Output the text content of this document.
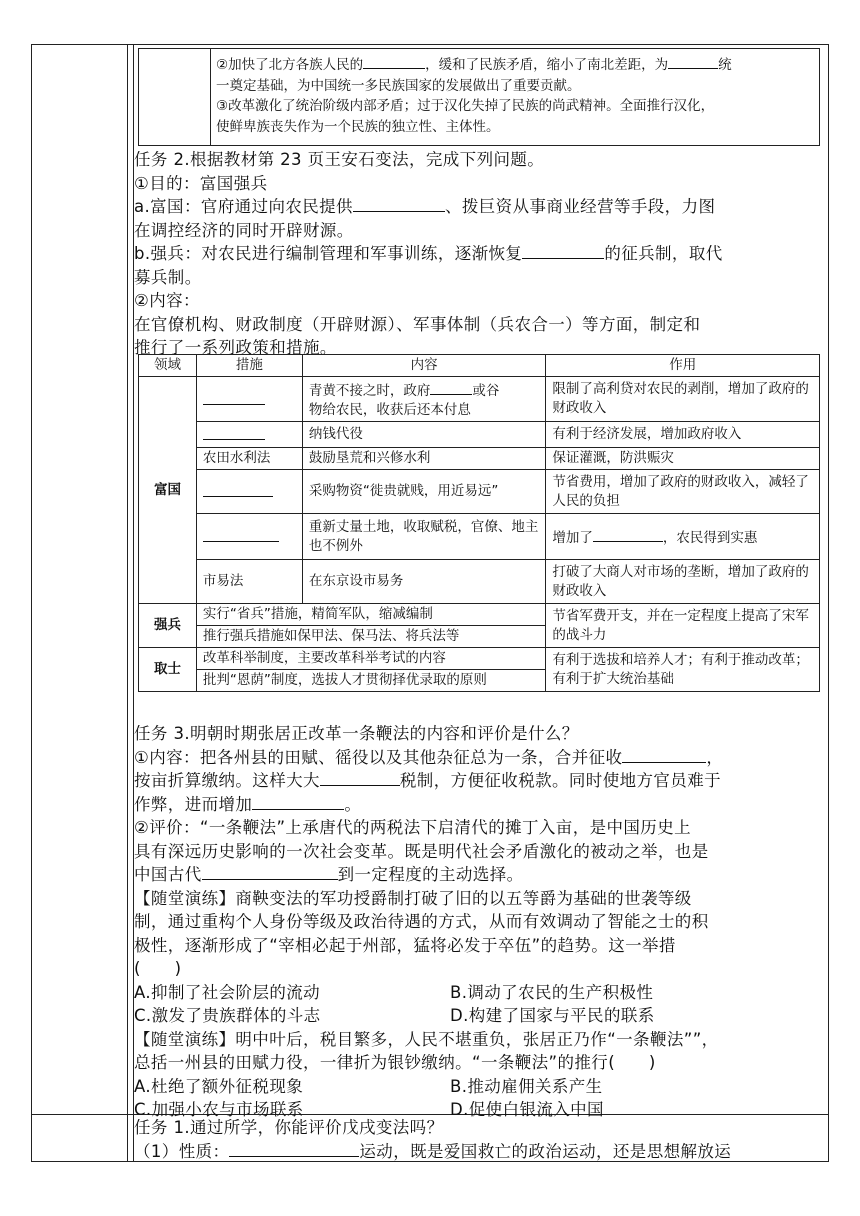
②加快了北方各族人民的	，缓和了民族矛盾，缩小了南北差距，为	统
一奠定基础，为中国统一多民族国家的发展做出了重要贡献。
③改革激化了统治阶级内部矛盾；过于汉化失掉了民族的尚武精神。全面推行汉化，
使鲜卑族丧失作为一个民族的独立性、主体性。
任务 2.根据教材第 23 页王安石变法，完成下列问题。
①目的：富国强兵
a.富国：官府通过向农民提供	、拨巨资从事商业经营等手段，力图
在调控经济的同时开辟财源。
b.强兵：对农民进行编制管理和军事训练，逐渐恢复	的征兵制，取代
募兵制。
②内容：
在官僚机构、财政制度（开辟财源）、军事体制（兵农合一）等方面，制定和
推行了一系列政策和措施。
领域	措施	内容	作用
富国		青黄不接之时，政府 或谷
物给农民，收获后还本付息	限制了高利贷对农民的剥削，增加了政府的财政收入
		纳钱代役	有利于经济发展，增加政府收入
	农田水利法	鼓励垦荒和兴修水利	保证灌溉，防洪赈灾
		采购物资“徙贵就贱，用近易远”	节省费用，增加了政府的财政收入，减轻了人民的负担
		重新丈量土地，收取赋税，官僚、地主也不例外	增加了 ，农民得到实惠
	市易法	在东京设市易务	打破了大商人对市场的垄断，增加了政府的财政收入
强兵	实行“省兵”措施，精简军队，缩减编制		节省军费开支，并在一定程度上提高了宋军的战斗力
	推行强兵措施如保甲法、保马法、将兵法等		
取士	改革科举制度，主要改革科举考试的内容		有利于选拔和培养人才；有利于推动改革；有利于扩大统治基础
	批判“恩荫”制度，选拔人才贯彻择优录取的原则		
任务 3.明朝时期张居正改革一条鞭法的内容和评价是什么？
①内容：把各州县的田赋、徭役以及其他杂征总为一条，合并征收	，
按亩折算缴纳。这样大大	税制，方便征收税款。同时使地方官员难于
作弊，进而增加	。
②评价：“一条鞭法”上承唐代的两税法下启清代的摊丁入亩，是中国历史上
具有深远历史影响的一次社会变革。既是明代社会矛盾激化的被动之举，也是
中国古代	到一定程度的主动选择。
【随堂演练】商鞅变法的军功授爵制打破了旧的以五等爵为基础的世袭等级
制，通过重构个人身份等级及政治待遇的方式，从而有效调动了智能之士的积
极性，逐渐形成了“宰相必起于州部，猛将必发于卒伍”的趋势。这一举措
(　　)
A.抑制了社会阶层的流动	B.调动了农民的生产积极性
C.激发了贵族群体的斗志	D.构建了国家与平民的联系
【随堂演练】明中叶后，税目繁多，人民不堪重负，张居正乃作“一条鞭法””，
总括一州县的田赋力役，一律折为银钞缴纳。“一条鞭法”的推行(　　)
A.杜绝了额外征税现象	B.推动雇佣关系产生
C.加强小农与市场联系	D.促使白银流入中国
任务 1.通过所学，你能评价戊戌变法吗？
（1）性质：	运动，既是爱国救亡的政治运动，还是思想解放运
